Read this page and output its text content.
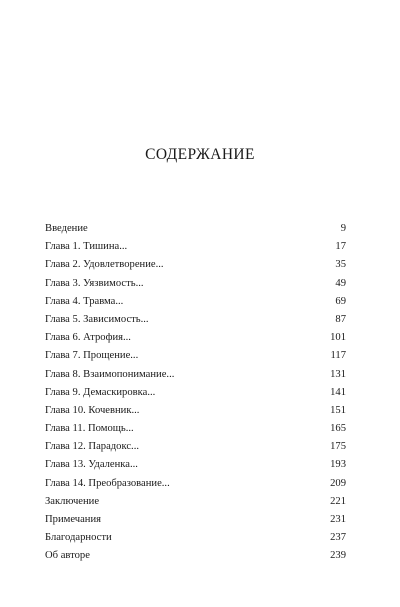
СОДЕРЖАНИЕ
Введение	9
Глава 1. Тишина...	17
Глава 2. Удовлетворение...	35
Глава 3. Уязвимость...	49
Глава 4. Травма...	69
Глава 5. Зависимость...	87
Глава 6. Атрофия...	101
Глава 7. Прощение...	117
Глава 8. Взаимопонимание...	131
Глава 9. Демаскировка...	141
Глава 10. Кочевник...	151
Глава 11. Помощь...	165
Глава 12. Парадокс...	175
Глава 13. Удаленка...	193
Глава 14. Преобразование...	209
Заключение	221
Примечания	231
Благодарности	237
Об авторе	239
